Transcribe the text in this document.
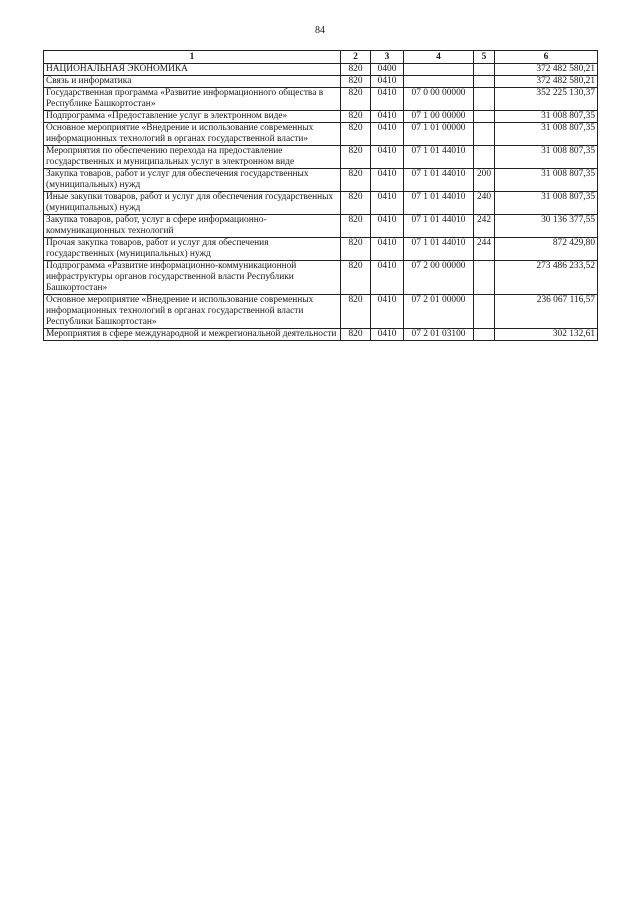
84
1	2	3	4	5	6
НАЦИОНАЛЬНАЯ ЭКОНОМИКА	820	0400			372 482 580,21
Связь и информатика	820	0410			372 482 580,21
Государственная программа «Развитие информационного общества в Республике Башкортостан»	820	0410	07 0 00 00000		352 225 130,37
Подпрограмма «Предоставление услуг в электронном виде»	820	0410	07 1 00 00000		31 008 807,35
Основное мероприятие «Внедрение и использование современных информационных технологий в органах государственной власти»	820	0410	07 1 01 00000		31 008 807,35
Мероприятия по обеспечению перехода на предоставление государственных и муниципальных услуг в электронном виде	820	0410	07 1 01 44010		31 008 807,35
Закупка товаров, работ и услуг для обеспечения государственных (муниципальных) нужд	820	0410	07 1 01 44010	200	31 008 807,35
Иные закупки товаров, работ и услуг для обеспечения государственных (муниципальных) нужд	820	0410	07 1 01 44010	240	31 008 807,35
Закупка товаров, работ, услуг в сфере информационно-коммуникационных технологий	820	0410	07 1 01 44010	242	30 136 377,55
Прочая закупка товаров, работ и услуг для обеспечения государственных (муниципальных) нужд	820	0410	07 1 01 44010	244	872 429,80
Подпрограмма «Развитие информационно-коммуникационной инфраструктуры органов государственной власти Республики Башкортостан»	820	0410	07 2 00 00000		273 486 233,52
Основное мероприятие «Внедрение и использование современных информационных технологий в органах государственной власти Республики Башкортостан»	820	0410	07 2 01 00000		236 067 116,57
Мероприятия в сфере международной и межрегиональной деятельности	820	0410	07 2 01 03100		302 132,61
